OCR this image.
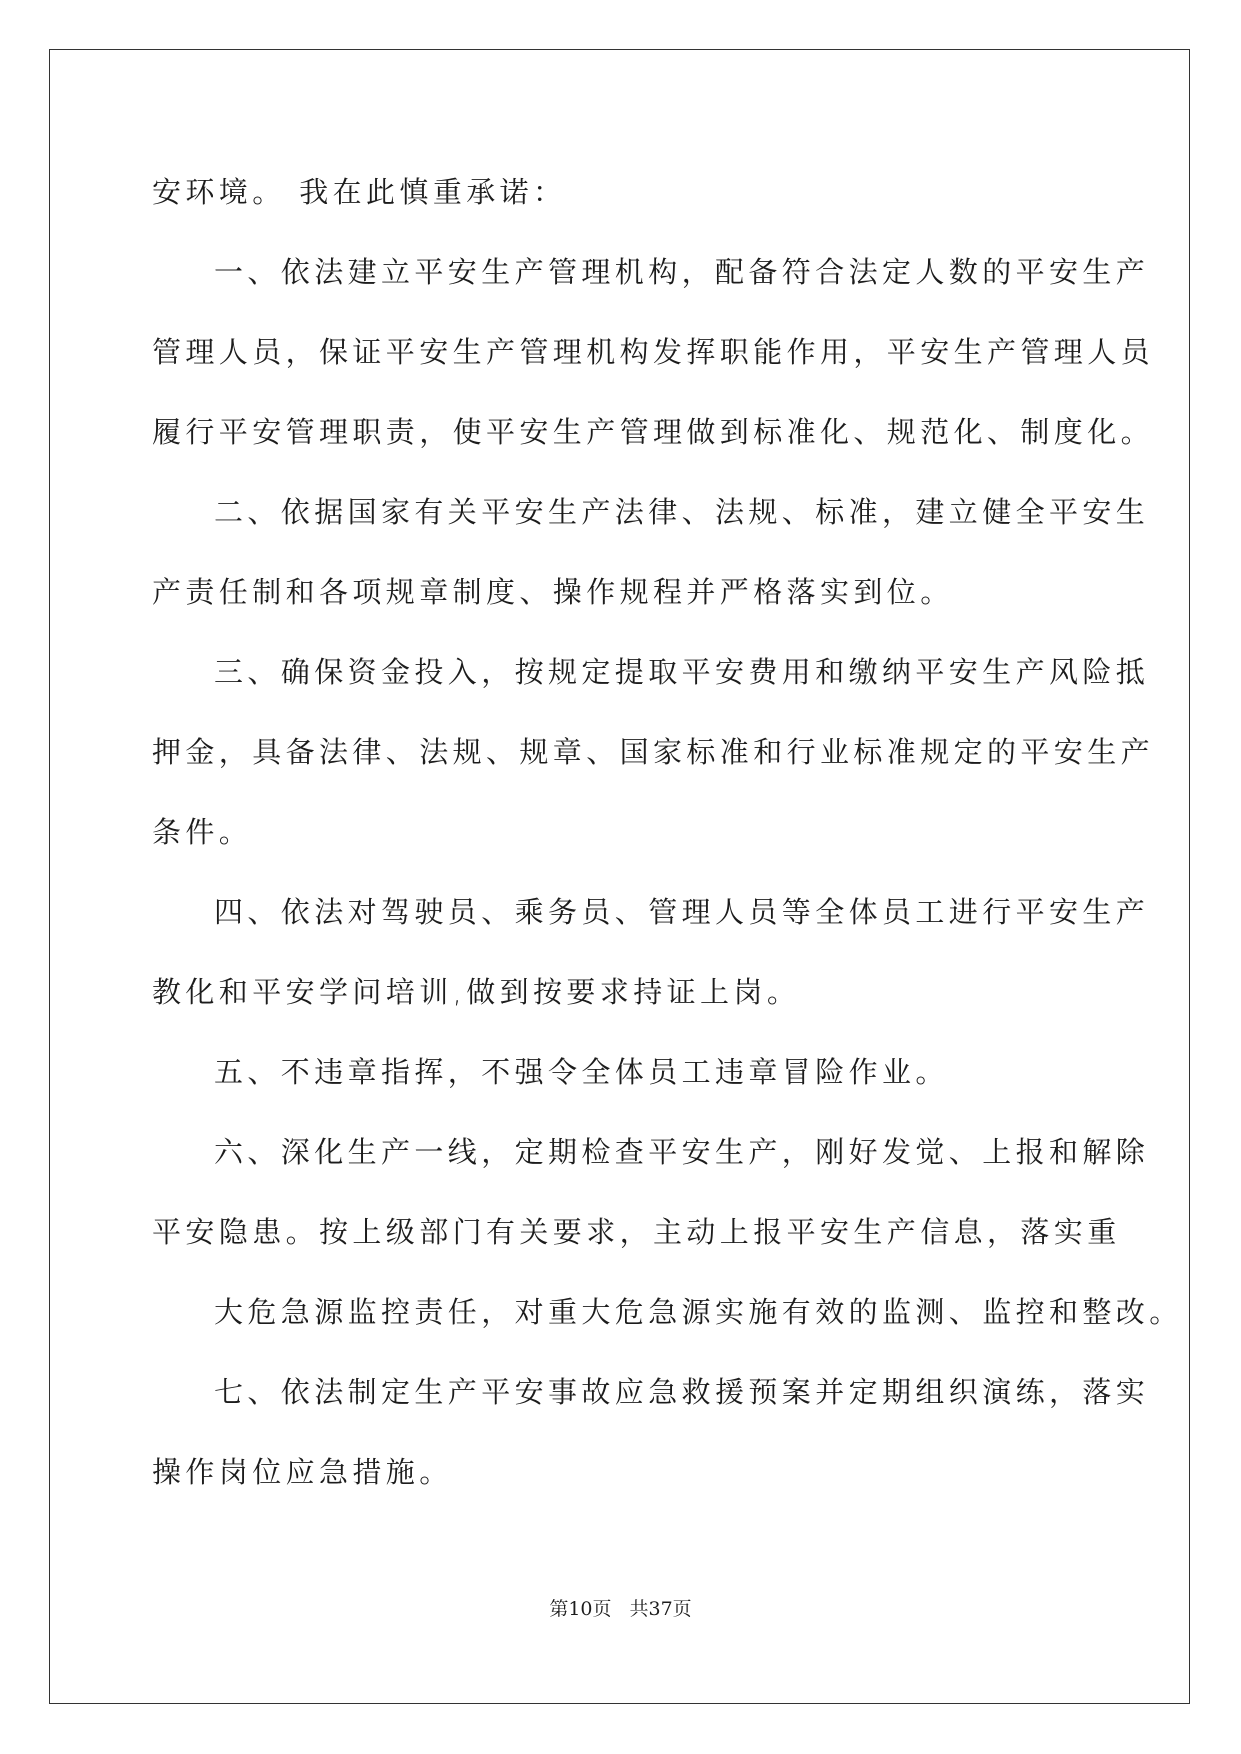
安环境。 我在此慎重承诺：
一、依法建立平安生产管理机构，配备符合法定人数的平安生产
管理人员，保证平安生产管理机构发挥职能作用，平安生产管理人员
履行平安管理职责，使平安生产管理做到标准化、规范化、制度化。
二、依据国家有关平安生产法律、法规、标准，建立健全平安生
产责任制和各项规章制度、操作规程并严格落实到位。
三、确保资金投入，按规定提取平安费用和缴纳平安生产风险抵
押金，具备法律、法规、规章、国家标准和行业标准规定的平安生产
条件。
四、依法对驾驶员、乘务员、管理人员等全体员工进行平安生产
教化和平安学问培训,做到按要求持证上岗。
五、不违章指挥，不强令全体员工违章冒险作业。
六、深化生产一线，定期检查平安生产，刚好发觉、上报和解除
平安隐患。按上级部门有关要求，主动上报平安生产信息，落实重
大危急源监控责任，对重大危急源实施有效的监测、监控和整改。
七、依法制定生产平安事故应急救援预案并定期组织演练，落实
操作岗位应急措施。
第10页 共37页
